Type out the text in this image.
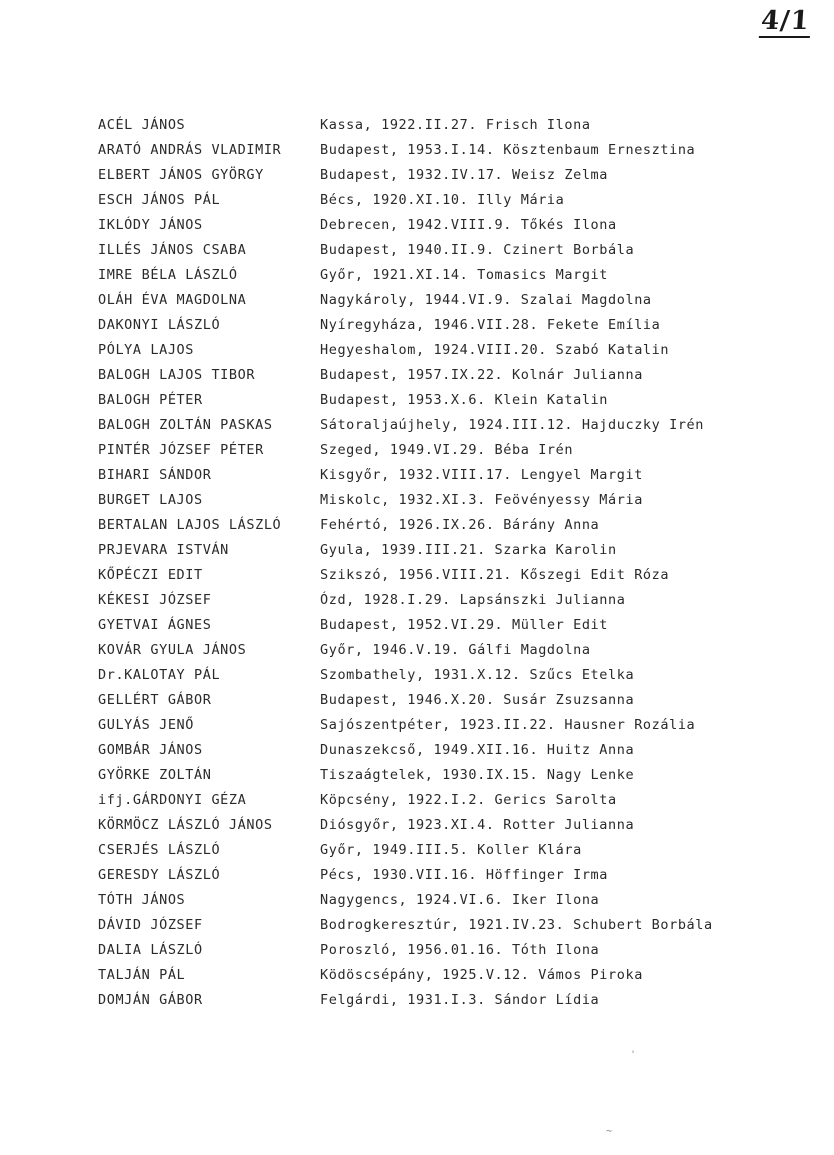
4/1
ACÉL JÁNOS	Kassa, 1922.II.27. Frisch Ilona
ARATÓ ANDRÁS VLADIMIR	Budapest, 1953.I.14. Kösztenbaum Ernesztina
ELBERT JÁNOS GYÖRGY	Budapest, 1932.IV.17. Weisz Zelma
ESCH JÁNOS PÁL	Bécs, 1920.XI.10. Illy Mária
IKLÓDY JÁNOS	Debrecen, 1942.VIII.9. Tőkés Ilona
ILLÉS JÁNOS CSABA	Budapest, 1940.II.9. Czinert Borbála
IMRE BÉLA LÁSZLÓ	Győr, 1921.XI.14. Tomasics Margit
OLÁH ÉVA MAGDOLNA	Nagykároly, 1944.VI.9. Szalai Magdolna
DAKONYI LÁSZLÓ	Nyíregyháza, 1946.VII.28. Fekete Emília
PÓLYA LAJOS	Hegyeshalom, 1924.VIII.20. Szabó Katalin
BALOGH LAJOS TIBOR	Budapest, 1957.IX.22. Kolnár Julianna
BALOGH PÉTER	Budapest, 1953.X.6. Klein Katalin
BALOGH ZOLTÁN PASKAS	Sátoraljaújhely, 1924.III.12. Hajduczky Irén
PINTÉR JÓZSEF PÉTER	Szeged, 1949.VI.29. Béba Irén
BIHARI SÁNDOR	Kisgyőr, 1932.VIII.17. Lengyel Margit
BURGET LAJOS	Miskolc, 1932.XI.3. Feövényessy Mária
BERTALAN LAJOS LÁSZLÓ	Fehértó, 1926.IX.26. Bárány Anna
PRJEVARA ISTVÁN	Gyula, 1939.III.21. Szarka Karolin
KŐPÉCZI EDIT	Szikszó, 1956.VIII.21. Kőszegi Edit Róza
KÉKESI JÓZSEF	Ózd, 1928.I.29. Lapsánszki Julianna
GYETVAI ÁGNES	Budapest, 1952.VI.29. Müller Edit
KOVÁR GYULA JÁNOS	Győr, 1946.V.19. Gálfi Magdolna
Dr.KALOTAY PÁL	Szombathely, 1931.X.12. Szűcs Etelka
GELLÉRT GÁBOR	Budapest, 1946.X.20. Susár Zsuzsanna
GULYÁS JENŐ	Sajószentpéter, 1923.II.22. Hausner Rozália
GOMBÁR JÁNOS	Dunaszekcső, 1949.XII.16. Huitz Anna
GYÖRKE ZOLTÁN	Tiszaágtelek, 1930.IX.15. Nagy Lenke
ifj.GÁRDONYI GÉZA	Köpcsény, 1922.I.2. Gerics Sarolta
KÖRMÖCZ LÁSZLÓ JÁNOS	Diósgyőr, 1923.XI.4. Rotter Julianna
CSERJÉS LÁSZLÓ	Győr, 1949.III.5. Koller Klára
GERESDY LÁSZLÓ	Pécs, 1930.VII.16. Höffinger Irma
TÓTH JÁNOS	Nagygencs, 1924.VI.6. Iker Ilona
DÁVID JÓZSEF	Bodrogkeresztúr, 1921.IV.23. Schubert Borbála
DALIA LÁSZLÓ	Poroszló, 1956.01.16. Tóth Ilona
TALJÁN PÁL	Ködöscsépány, 1925.V.12. Vámos Piroka
DOMJÁN GÁBOR	Felgárdi, 1931.I.3. Sándor Lídia
ˈ
~
